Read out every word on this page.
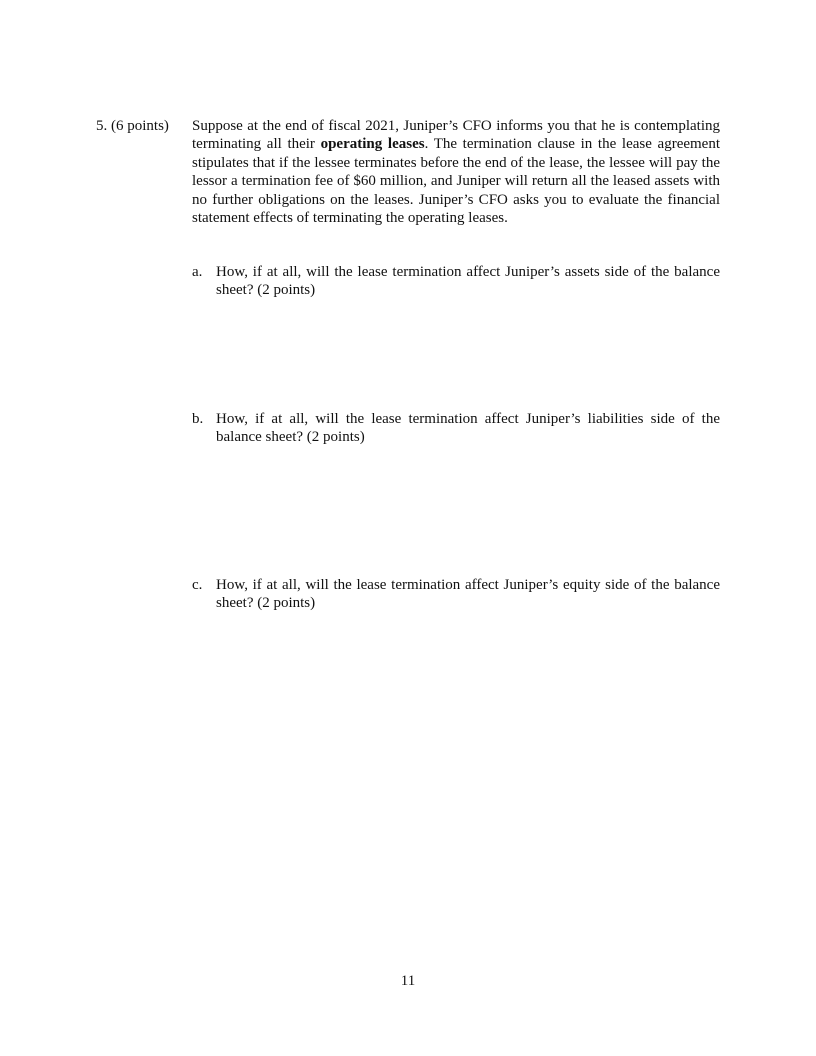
5. (6 points) Suppose at the end of fiscal 2021, Juniper’s CFO informs you that he is contemplating terminating all their operating leases. The termination clause in the lease agreement stipulates that if the lessee terminates before the end of the lease, the lessee will pay the lessor a termination fee of $60 million, and Juniper will return all the leased assets with no further obligations on the leases. Juniper’s CFO asks you to evaluate the financial statement effects of terminating the operating leases.
a. How, if at all, will the lease termination affect Juniper’s assets side of the balance sheet? (2 points)
b. How, if at all, will the lease termination affect Juniper’s liabilities side of the balance sheet? (2 points)
c. How, if at all, will the lease termination affect Juniper’s equity side of the balance sheet? (2 points)
11
